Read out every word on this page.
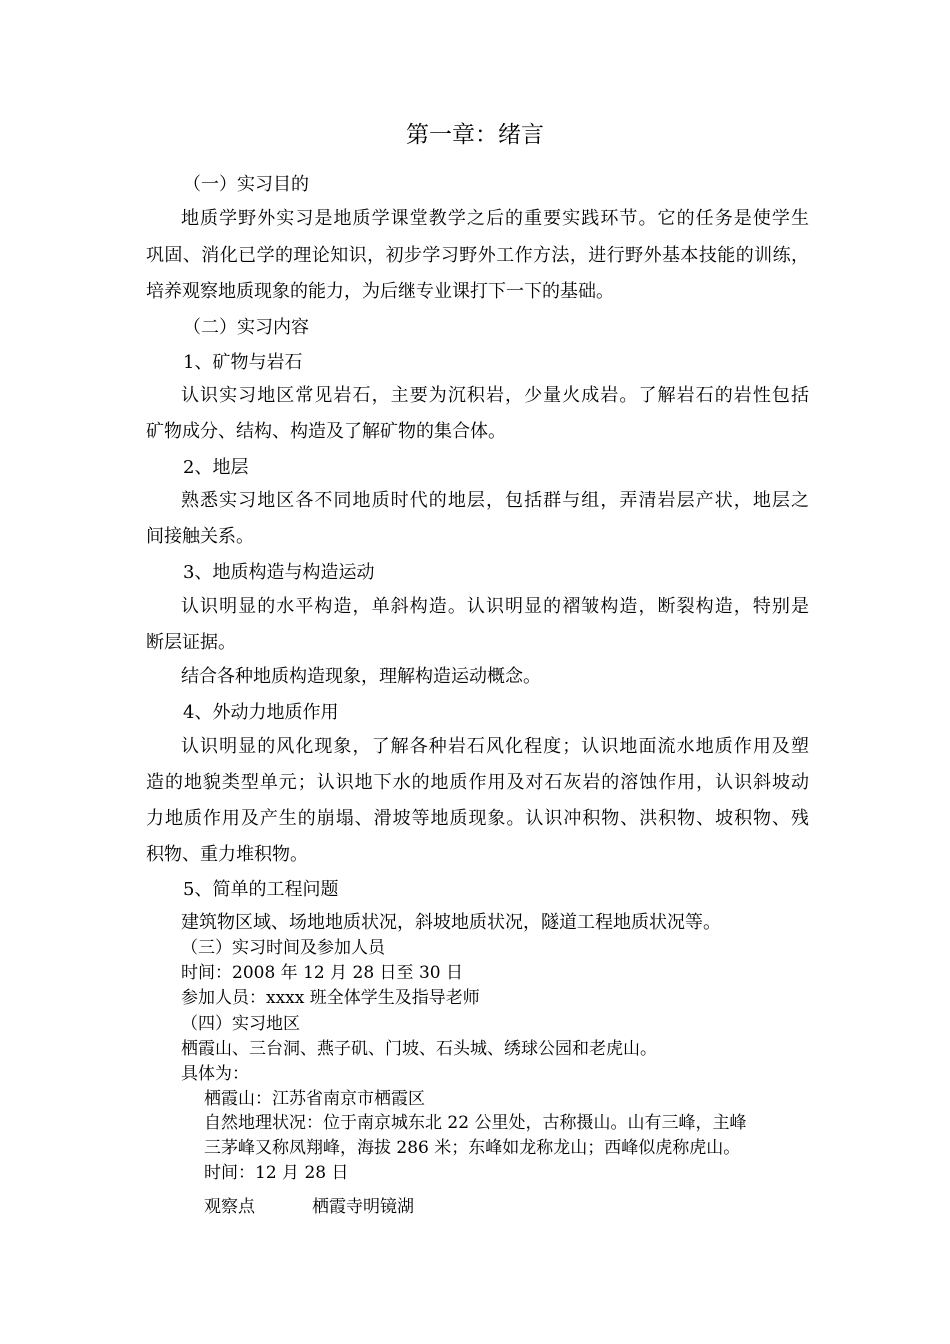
第一章：绪言
（一）实习目的
地质学野外实习是地质学课堂教学之后的重要实践环节。它的任务是使学生
巩固、消化已学的理论知识，初步学习野外工作方法，进行野外基本技能的训练，
培养观察地质现象的能力，为后继专业课打下一下的基础。
（二）实习内容
1、矿物与岩石
认识实习地区常见岩石，主要为沉积岩，少量火成岩。了解岩石的岩性包括
矿物成分、结构、构造及了解矿物的集合体。
2、地层
熟悉实习地区各不同地质时代的地层，包括群与组，弄清岩层产状，地层之
间接触关系。
3、地质构造与构造运动
认识明显的水平构造，单斜构造。认识明显的褶皱构造，断裂构造，特别是
断层证据。
结合各种地质构造现象，理解构造运动概念。
4、外动力地质作用
认识明显的风化现象，了解各种岩石风化程度；认识地面流水地质作用及塑
造的地貌类型单元；认识地下水的地质作用及对石灰岩的溶蚀作用，认识斜坡动
力地质作用及产生的崩塌、滑坡等地质现象。认识冲积物、洪积物、坡积物、残
积物、重力堆积物。
5、简单的工程问题
建筑物区域、场地地质状况，斜坡地质状况，隧道工程地质状况等。
（三）实习时间及参加人员
时间：2008 年 12 月 28 日至 30 日
参加人员：xxxx 班全体学生及指导老师
（四）实习地区
栖霞山、三台洞、燕子矶、门坡、石头城、绣球公园和老虎山。
具体为：
栖霞山：江苏省南京市栖霞区
自然地理状况：位于南京城东北 22 公里处，古称摄山。山有三峰，主峰
三茅峰又称凤翔峰，海拔 286 米；东峰如龙称龙山；西峰似虎称虎山。
时间：12 月 28 日
观察点	栖霞寺明镜湖
